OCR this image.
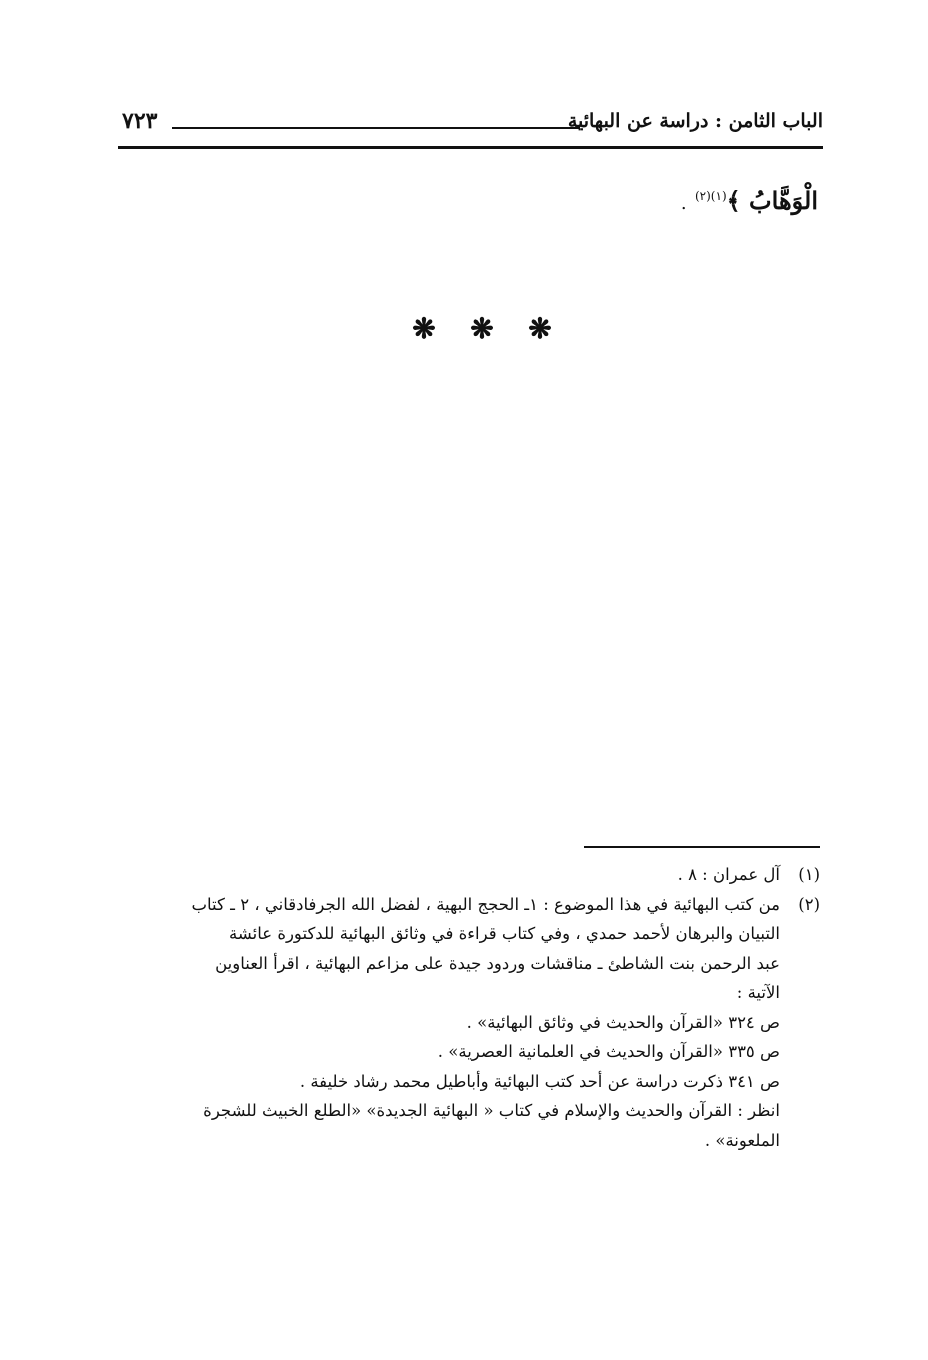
٧٢٣	الباب الثامن : دراسة عن البهائية
الْوَهَّابُ ﴾$^{(١)(٢)}$ .
❋ ❋ ❋
(١)
آل عمران : ٨ .
(٢)
من كتب البهائية في هذا الموضوع : ١ـ الحجج البهية ، لفضل الله الجرفادقاني ، ٢ ـ كتاب
التبيان والبرهان لأحمد حمدي ، وفي كتاب قراءة في وثائق البهائية للدكتورة عائشة
عبد الرحمن بنت الشاطئ ـ مناقشات وردود جيدة على مزاعم البهائية ، اقرأ العناوين
الآتية :
ص ٣٢٤ «القرآن والحديث في وثائق البهائية» .
ص ٣٣٥ «القرآن والحديث في العلمانية العصرية» .
ص ٣٤١ ذكرت دراسة عن أحد كتب البهائية وأباطيل محمد رشاد خليفة .
انظر : القرآن والحديث والإسلام في كتاب « البهائية الجديدة» «الطلع الخبيث للشجرة
الملعونة» .
